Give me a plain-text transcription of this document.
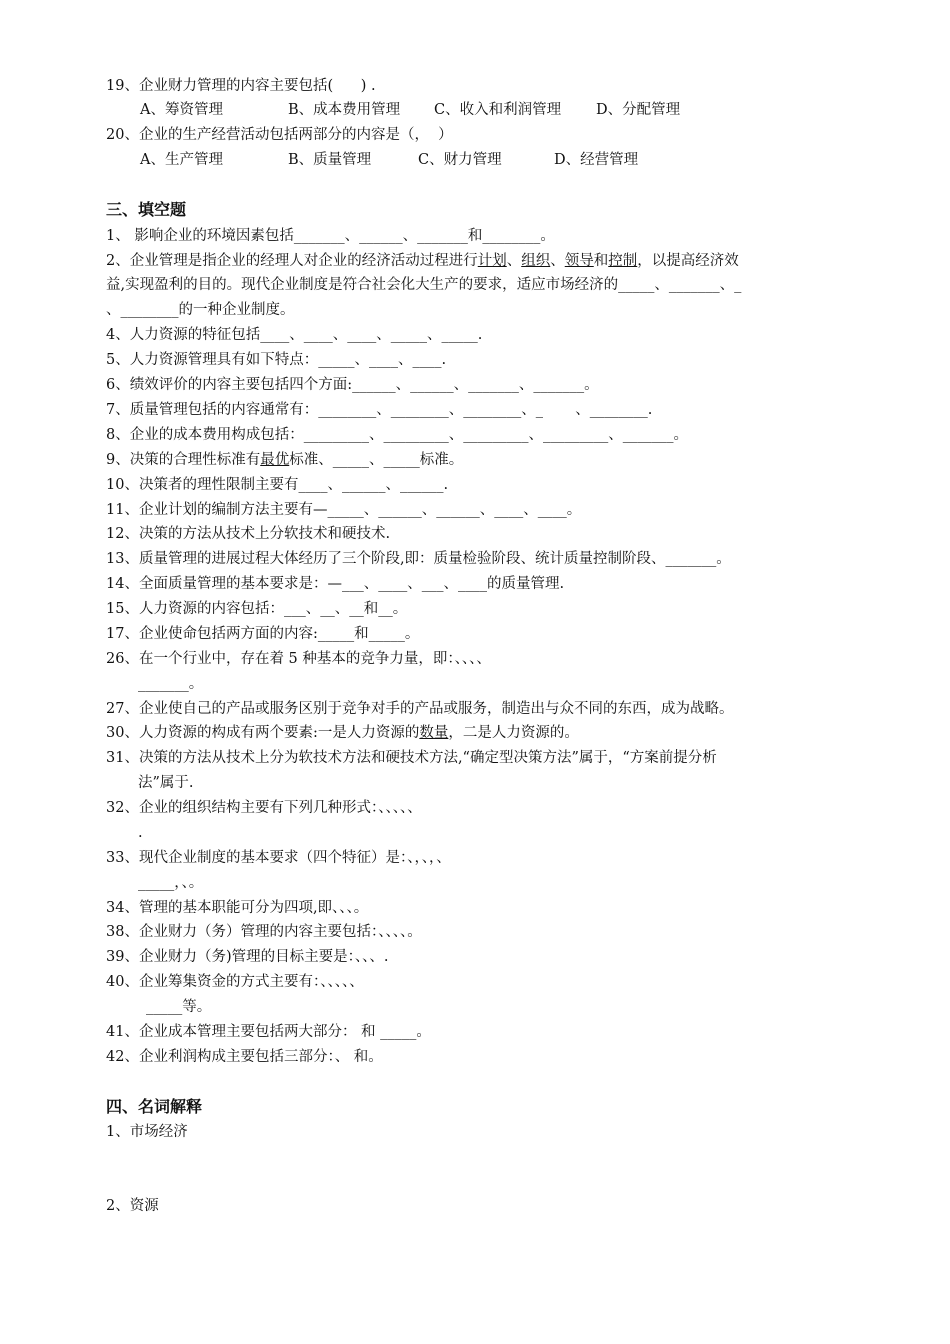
19、企业财力管理的内容主要包括(      ) .
A、筹资管理	B、成本费用管理 C、收入和利润管理 D、分配管理
20、企业的生产经营活动包括两部分的内容是（，  ）
A、生产管理	B、质量管理	C、财力管理	D、经营管理
三、填空题
1、 影响企业的环境因素包括_______、______、_______和________。
2、企业管理是指企业的经理人对企业的经济活动过程进行计划、组织、领导和控制，以提高经济效
益,实现盈利的目的。现代企业制度是符合社会化大生产的要求，适应市场经济的_____、_______、_
、________的一种企业制度。
4、人力资源的特征包括____、____、____、_____、_____.
5、人力资源管理具有如下特点：_____、____、____.
6、绩效评价的内容主要包括四个方面:______、______、_______、_______。
7、质量管理包括的内容通常有：________、________、________、_       、________.
8、企业的成本费用构成包括：_________、_________、_________、_________、_______。
9、决策的合理性标准有最优标准、_____、_____标准。
10、决策者的理性限制主要有____、______、______.
11、企业计划的编制方法主要有—_____、______、______、____、____。
12、决策的方法从技术上分软技术和硬技术.
13、质量管理的进展过程大体经历了三个阶段,即：质量检验阶段、统计质量控制阶段、_______。
14、全面质量管理的基本要求是：—___、____、___、____的质量管理.
15、人力资源的内容包括：___、__、__和__。
17、企业使命包括两方面的内容:_____和_____。
26、在一个行业中，存在着 5 种基本的竞争力量，即：、、、、
_______。
27、企业使自己的产品或服务区别于竞争对手的产品或服务，制造出与众不同的东西，成为战略。
30、人力资源的构成有两个要素:一是人力资源的数量，二是人力资源的。
31、决策的方法从技术上分为软技术方法和硬技术方法,“确定型决策方法”属于，“方案前提分析
法”属于.
32、企业的组织结构主要有下列几种形式：、、、、、
.
33、现代企业制度的基本要求（四个特征）是：、，、，、
_____，、。
34、管理的基本职能可分为四项,即、、、。
38、企业财力（务）管理的内容主要包括：、、、、。
39、企业财力（务)管理的目标主要是：、、、.
40、企业筹集资金的方式主要有：、、、、、
_____等。
41、企业成本管理主要包括两大部分： 和 _____。
42、企业利润构成主要包括三部分：、 和。
四、名词解释
1、市场经济
2、资源
